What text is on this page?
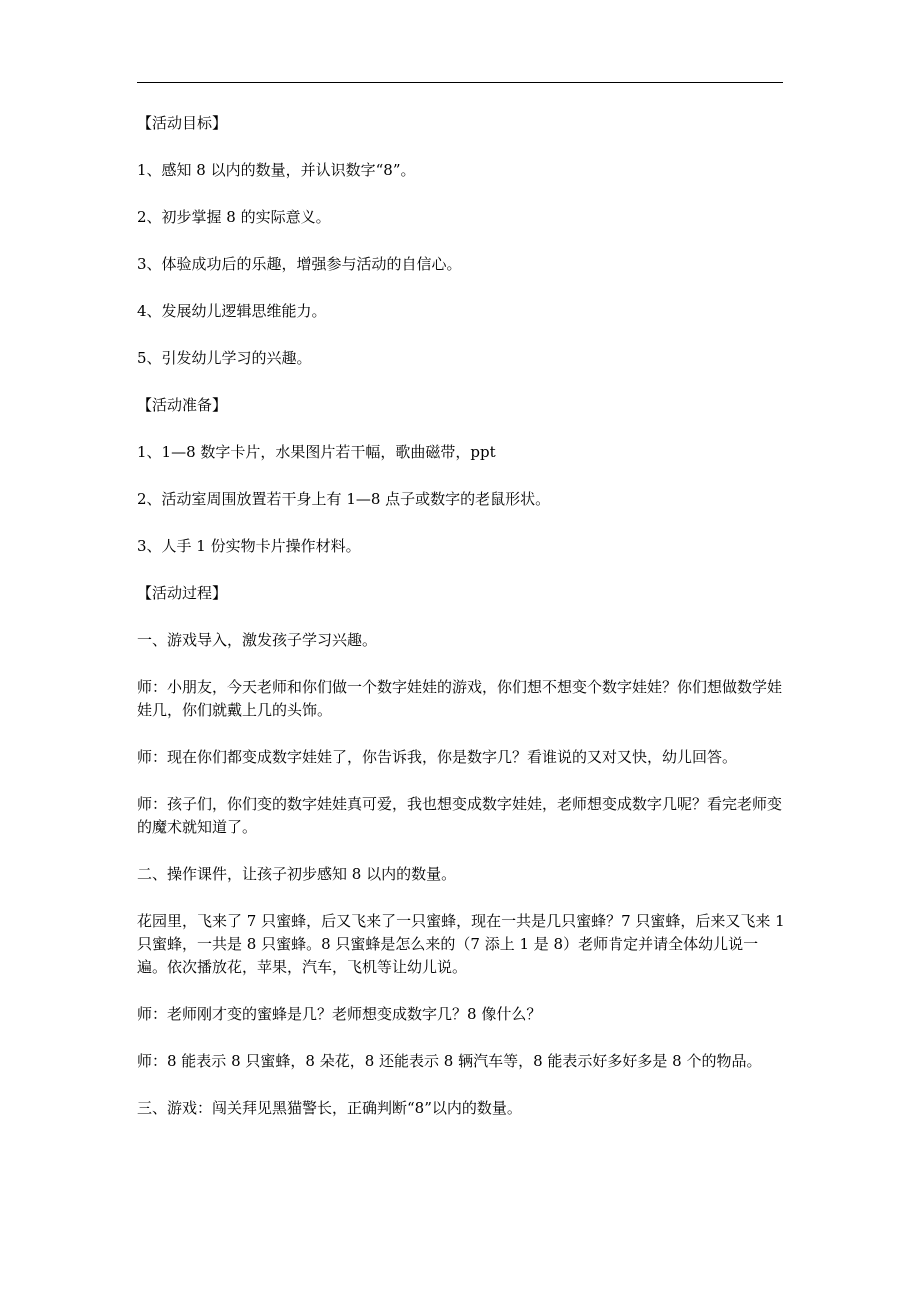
【活动目标】

1、感知 8 以内的数量，并认识数字“8”。

2、初步掌握 8 的实际意义。

3、体验成功后的乐趣，增强参与活动的自信心。

4、发展幼儿逻辑思维能力。

5、引发幼儿学习的兴趣。

【活动准备】

1、1—8 数字卡片，水果图片若干幅，歌曲磁带，ppt

2、活动室周围放置若干身上有 1—8 点子或数字的老鼠形状。

3、人手 1 份实物卡片操作材料。

【活动过程】

一、游戏导入，激发孩子学习兴趣。

师：小朋友，今天老师和你们做一个数字娃娃的游戏，你们想不想变个数字娃娃？你们想做数学娃娃几，你们就戴上几的头饰。

师：现在你们都变成数字娃娃了，你告诉我，你是数字几？看谁说的又对又快，幼儿回答。

师：孩子们，你们变的数字娃娃真可爱，我也想变成数字娃娃，老师想变成数字几呢？看完老师变的魔术就知道了。

二、操作课件，让孩子初步感知 8 以内的数量。

花园里，飞来了 7 只蜜蜂，后又飞来了一只蜜蜂，现在一共是几只蜜蜂？7 只蜜蜂，后来又飞来 1 只蜜蜂，一共是 8 只蜜蜂。8 只蜜蜂是怎么来的（7 添上 1 是 8）老师肯定并请全体幼儿说一遍。依次播放花，苹果，汽车，飞机等让幼儿说。

师：老师刚才变的蜜蜂是几？老师想变成数字几？8 像什么？

师：8 能表示 8 只蜜蜂，8 朵花，8 还能表示 8 辆汽车等，8 能表示好多好多是 8 个的物品。

三、游戏：闯关拜见黑猫警长，正确判断“8”以内的数量。
